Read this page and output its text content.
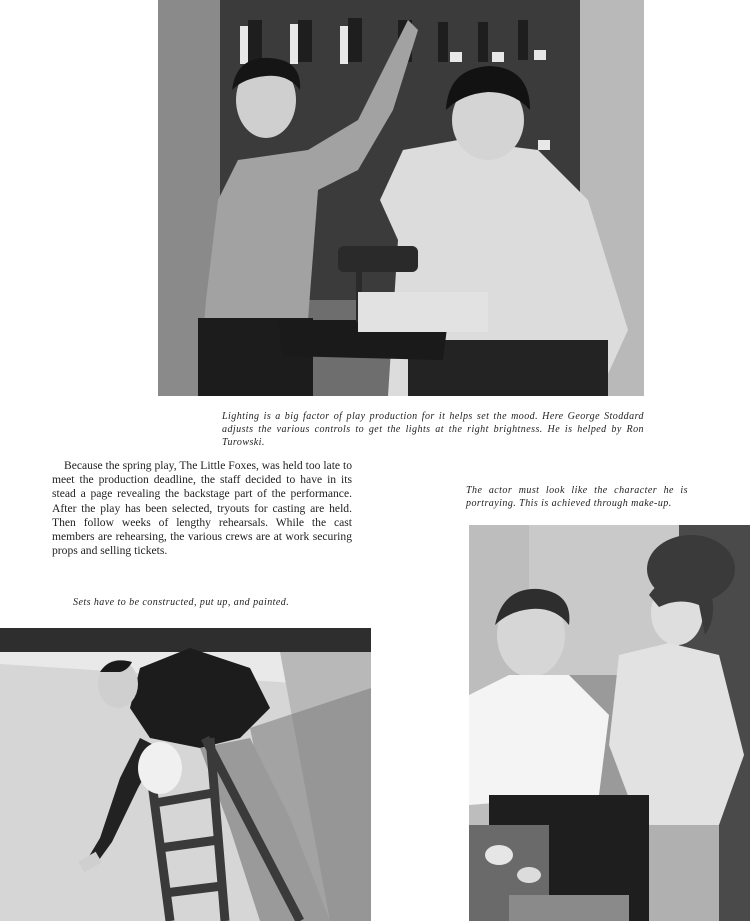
Lighting is a big factor of play production for it helps set the mood. Here George Stoddard adjusts the various controls to get the lights at the right brightness. He is helped by Ron Turowski.

Because the spring play, The Little Foxes, was held too late to meet the production deadline, the staff decided to have in its stead a page revealing the backstage part of the performance. After the play has been selected, tryouts for casting are held. Then follow weeks of lengthy rehearsals. While the cast members are rehearsing, the various crews are at work securing props and selling tickets.

The actor must look like the character he is portraying. This is achieved through make-up.

Sets have to be constructed, put up, and painted.
